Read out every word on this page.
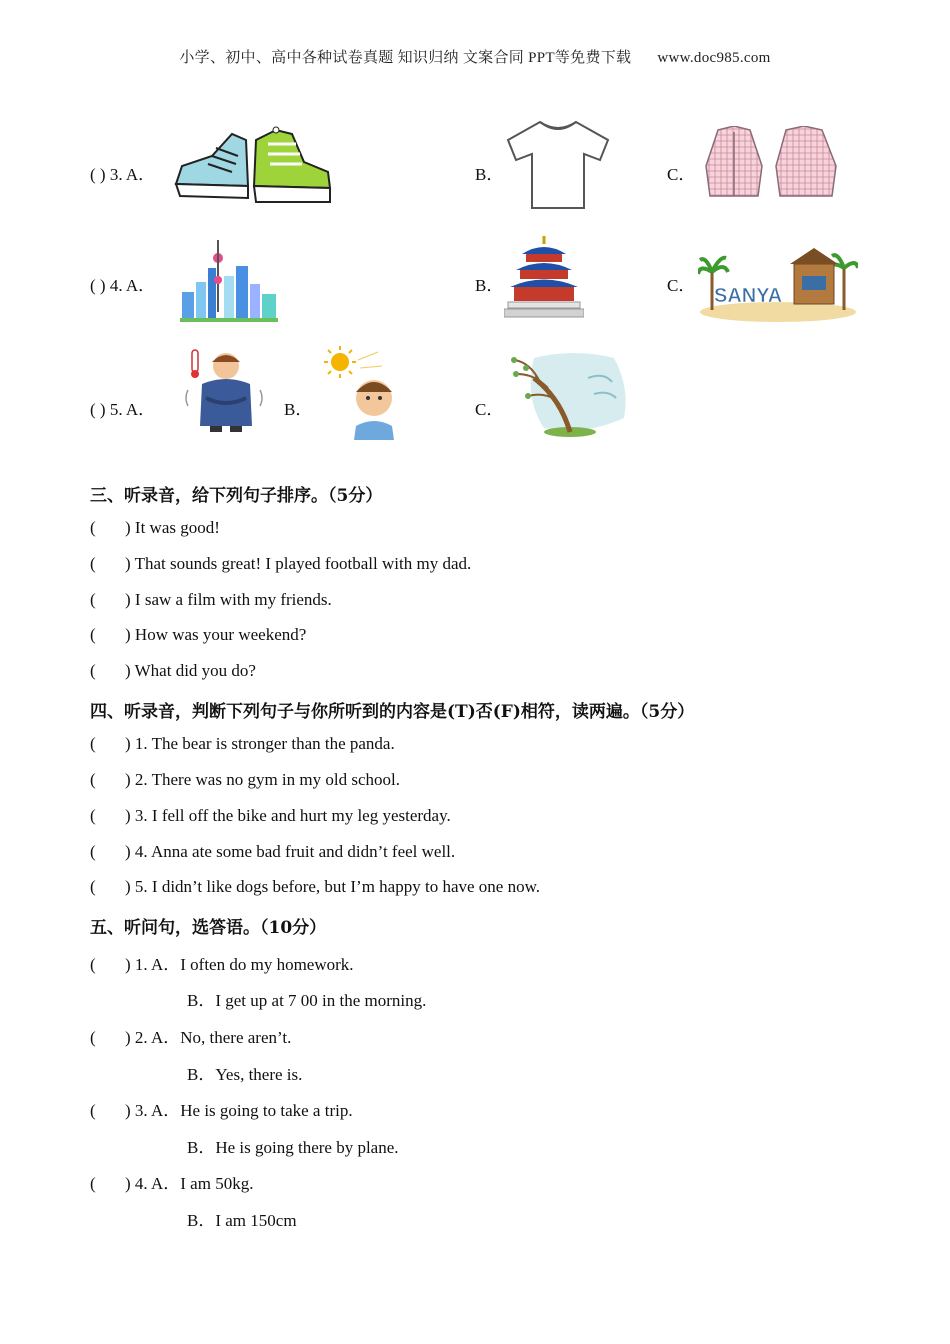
小学、初中、高中各种试卷真题 知识归纳 文案合同 PPT等免费下载 www.doc985.com
( ) 3. A．	B．	C．
( ) 4. A．	B．	C． SANYA
( ) 5. A．	B．	C．
三、听录音，给下列句子排序。（5分）
( ) It was good!
( ) That sounds great! I played football with my dad.
( ) I saw a film with my friends.
( ) How was your weekend?
( ) What did you do?
四、听录音，判断下列句子与你所听到的内容是(T)否(F)相符，读两遍。（5分）
( ) 1. The bear is stronger than the panda.
( ) 2. There was no gym in my old school.
( ) 3. I fell off the bike and hurt my leg yesterday.
( ) 4. Anna ate some bad fruit and didn’t feel well.
( ) 5. I didn’t like dogs before, but I’m happy to have one now.
五、听问句，选答语。（10分）
( ) 1. A．I often do my homework.
B．I get up at 7 00 in the morning.
( ) 2. A．No, there aren’t.
B．Yes, there is.
( ) 3. A．He is going to take a trip.
B．He is going there by plane.
( ) 4. A．I am 50kg.
B．I am 150cm
